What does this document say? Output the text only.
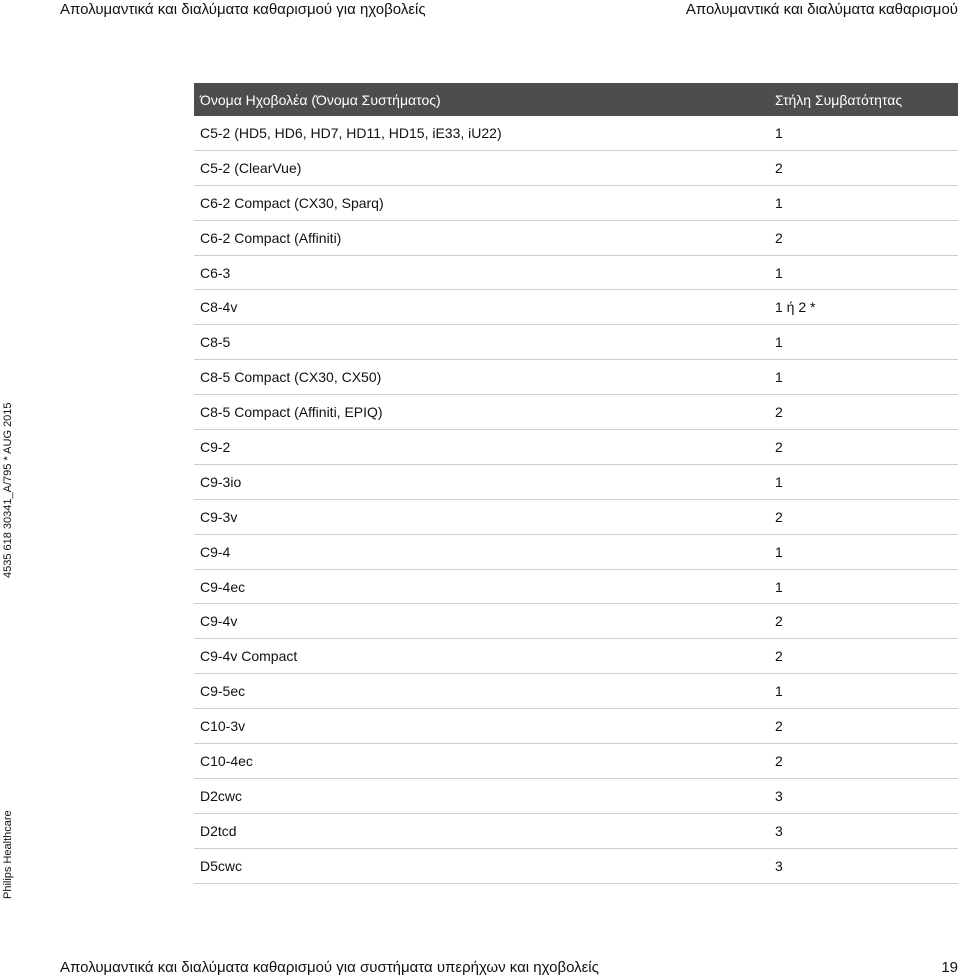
Απολυμαντικά και διαλύματα καθαρισμού για ηχοβολείς	Απολυμαντικά και διαλύματα καθαρισμού
4535 618 30341_A/795 * AUG 2015
Philips Healthcare
Όνομα Ηχοβολέα (Όνομα Συστήματος)	Στήλη Συμβατότητας
C5-2 (HD5, HD6, HD7, HD11, HD15, iE33, iU22)	1
C5-2 (ClearVue)	2
C6-2 Compact (CX30, Sparq)	1
C6-2 Compact (Affiniti)	2
C6-3	1
C8-4v	1 ή 2 *
C8-5	1
C8-5 Compact (CX30, CX50)	1
C8-5 Compact (Affiniti, EPIQ)	2
C9-2	2
C9-3io	1
C9-3v	2
C9-4	1
C9-4ec	1
C9-4v	2
C9-4v Compact	2
C9-5ec	1
C10-3v	2
C10-4ec	2
D2cwc	3
D2tcd	3
D5cwc	3
Απολυμαντικά και διαλύματα καθαρισμού για συστήματα υπερήχων και ηχοβολείς	19
